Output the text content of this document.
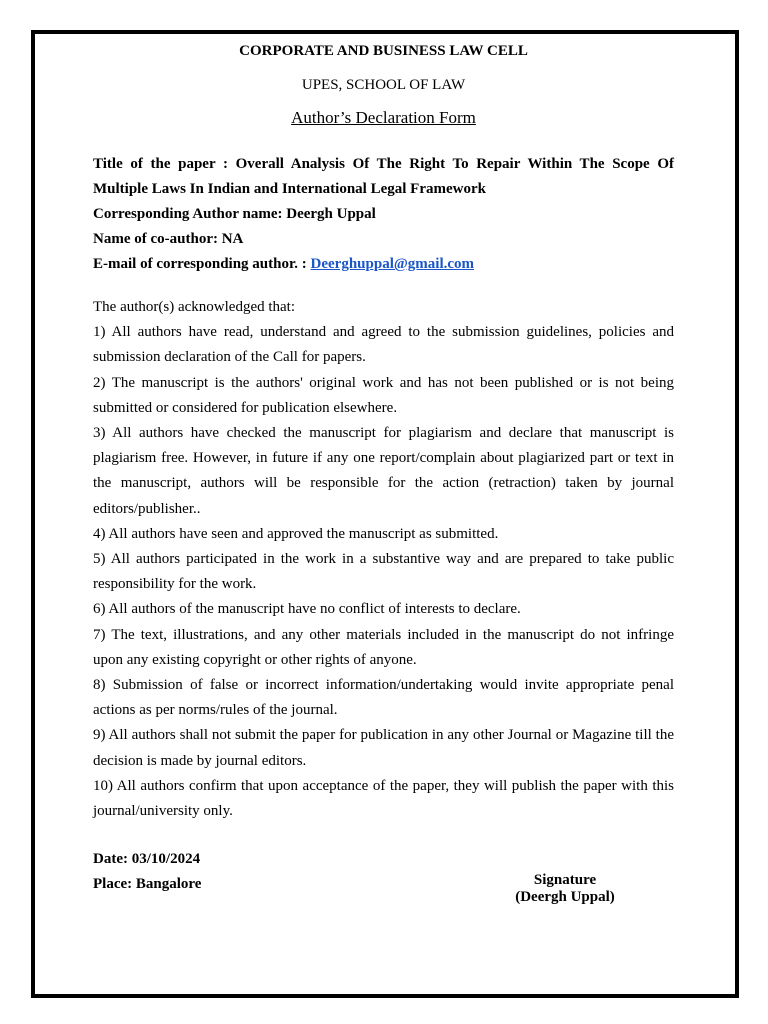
CORPORATE AND BUSINESS LAW CELL

UPES, SCHOOL OF LAW

Author’s Declaration Form

Title of the paper : Overall Analysis Of The Right To Repair Within The Scope Of Multiple Laws In Indian and International Legal Framework

Corresponding Author name: Deergh Uppal

Name of co-author: NA

E-mail of corresponding author. : Deerghuppal@gmail.com

The author(s) acknowledged that:

1) All authors have read, understand and agreed to the submission guidelines, policies and submission declaration of the Call for papers.

2) The manuscript is the authors' original work and has not been published or is not being submitted or considered for publication elsewhere.

3) All authors have checked the manuscript for plagiarism and declare that manuscript is plagiarism free. However, in future if any one report/complain about plagiarized part or text in the manuscript, authors will be responsible for the action (retraction) taken by journal editors/publisher..

4) All authors have seen and approved the manuscript as submitted.

5) All authors participated in the work in a substantive way and are prepared to take public responsibility for the work.

6) All authors of the manuscript have no conflict of interests to declare.

7) The text, illustrations, and any other materials included in the manuscript do not infringe upon any existing copyright or other rights of anyone.

8) Submission of false or incorrect information/undertaking would invite appropriate penal actions as per norms/rules of the journal.

9) All authors shall not submit the paper for publication in any other Journal or Magazine till the decision is made by journal editors.

10) All authors confirm that upon acceptance of the paper, they will publish the paper with this journal/university only.

Date: 03/10/2024

Place: Bangalore	Signature
(Deergh Uppal)
